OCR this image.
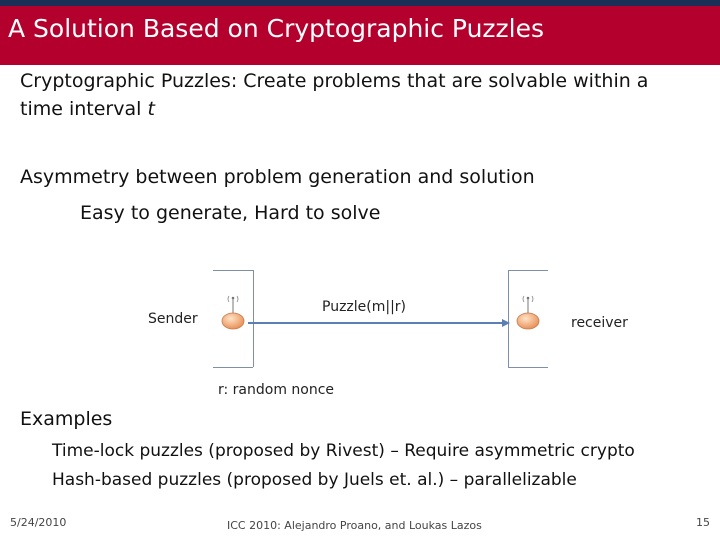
A Solution Based on Cryptographic Puzzles
Cryptographic Puzzles: Create problems that are solvable within a
time interval t
Asymmetry between problem generation and solution
Easy to generate, Hard to solve
Sender
Puzzle(m||r)
receiver
r: random nonce
Examples
Time-lock puzzles (proposed by Rivest) – Require asymmetric crypto
Hash-based puzzles (proposed by Juels et. al.) – parallelizable
5/24/2010	ICC 2010: Alejandro Proano, and Loukas Lazos	15
